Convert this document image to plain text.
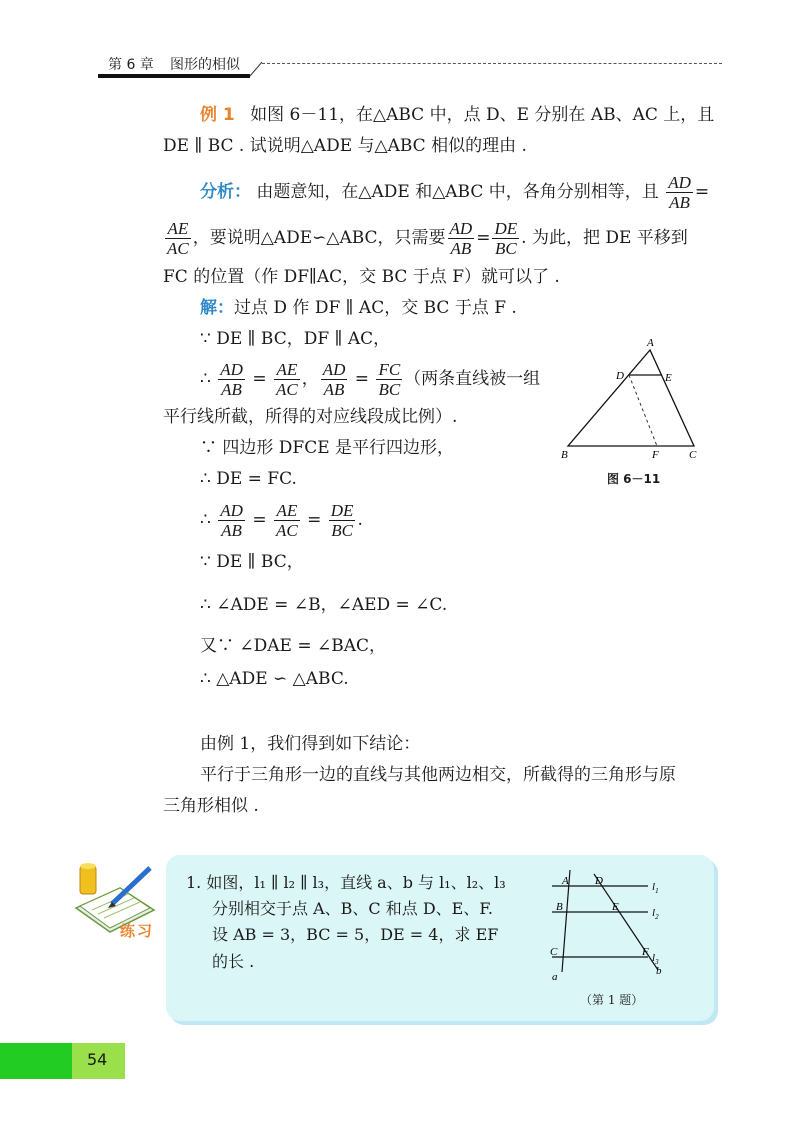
第 6 章 图形的相似
例 1 如图 6－11，在△ABC 中，点 D、E 分别在 AB、AC 上，且
DE ∥ BC . 试说明△ADE 与△ABC 相似的理由 .
分析： 由题意知，在△ADE 和△ABC 中，各角分别相等，且 $\frac{AD}{AB}$ =
$\frac{AE}{AC}$ ，要说明△ADE∽△ABC，只需要 $\frac{AD}{AB} = \frac{DE}{BC}$ . 为此，把 DE 平移到
FC 的位置（作 DF∥AC，交 BC 于点 F）就可以了 .
解：过点 D 作 DF ∥ AC，交 BC 于点 F .
∵ DE ∥ BC，DF ∥ AC，
∴ $\frac{AD}{AB} = \frac{AE}{AC}$ ， $\frac{AD}{AB} = \frac{FC}{BC}$ （两条直线被一组
平行线所截，所得的对应线段成比例）.
∵ 四边形 DFCE 是平行四边形，
∴ DE = FC.
∴ $\frac{AD}{AB} = \frac{AE}{AC} = \frac{DE}{BC}$ .
∵ DE ∥ BC，
∴ ∠ADE = ∠B，∠AED = ∠C.
又∵ ∠DAE = ∠BAC，
∴ △ADE ∽ △ABC.
A
D	E
B	F	C
图 6－11
由例 1，我们得到如下结论：
平行于三角形一边的直线与其他两边相交，所截得的三角形与原
三角形相似 .
练习
1. 如图，l₁ ∥ l₂ ∥ l₃，直线 a、b 与 l₁、l₂、l₃
分别相交于点 A、B、C 和点 D、E、F.
设 AB = 3，BC = 5，DE = 4，求 EF
的长 .
A D
B	E
C	F
a	b
$l_1$
$l_2$
$l_3$
（第 1 题）
54
